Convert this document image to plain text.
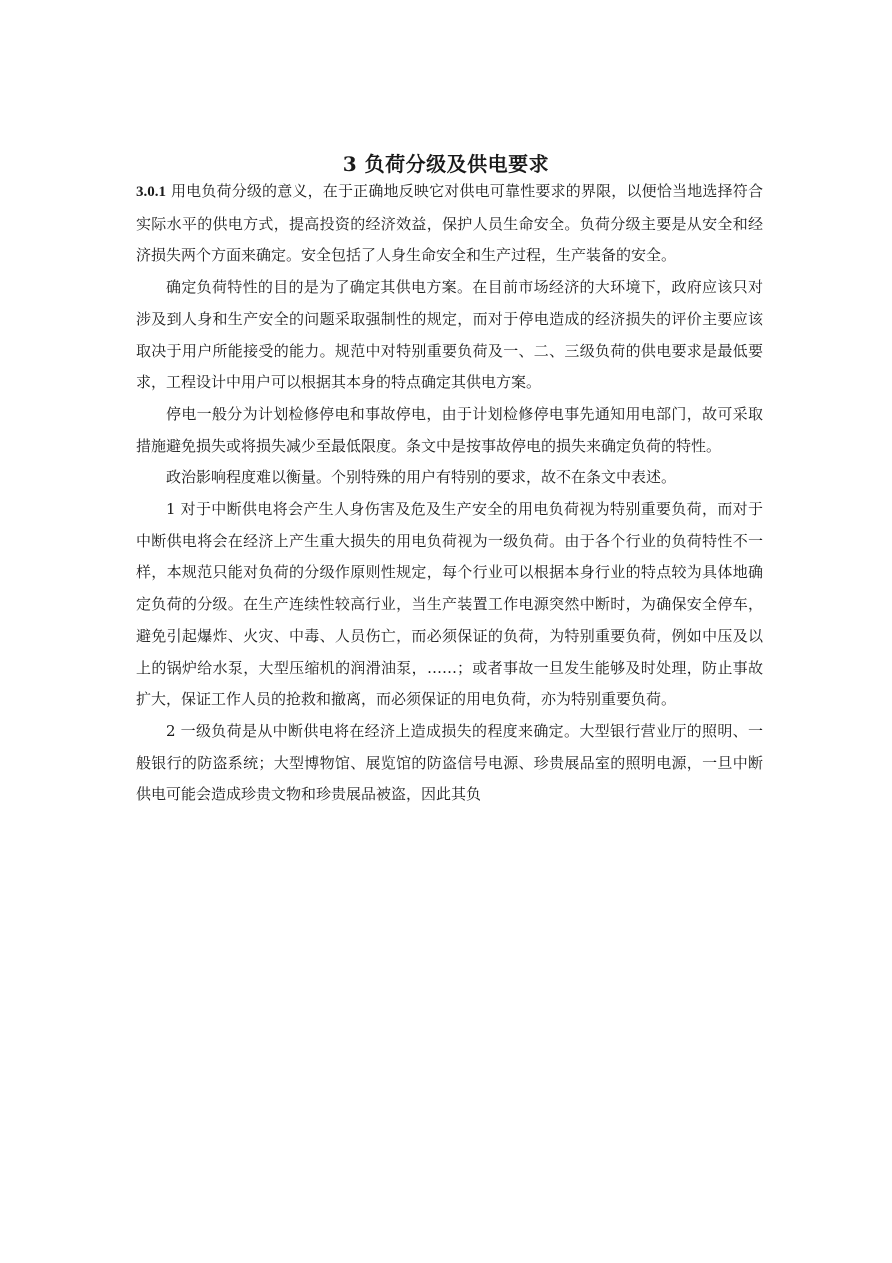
3 负荷分级及供电要求

3.0.1 用电负荷分级的意义，在于正确地反映它对供电可靠性要求的界限，以便恰当地选择符合实际水平的供电方式，提高投资的经济效益，保护人员生命安全。负荷分级主要是从安全和经济损失两个方面来确定。安全包括了人身生命安全和生产过程，生产装备的安全。

确定负荷特性的目的是为了确定其供电方案。在目前市场经济的大环境下，政府应该只对涉及到人身和生产安全的问题采取强制性的规定，而对于停电造成的经济损失的评价主要应该取决于用户所能接受的能力。规范中对特别重要负荷及一、二、三级负荷的供电要求是最低要求，工程设计中用户可以根据其本身的特点确定其供电方案。

停电一般分为计划检修停电和事故停电，由于计划检修停电事先通知用电部门，故可采取措施避免损失或将损失减少至最低限度。条文中是按事故停电的损失来确定负荷的特性。

政治影响程度难以衡量。个别特殊的用户有特别的要求，故不在条文中表述。

1 对于中断供电将会产生人身伤害及危及生产安全的用电负荷视为特别重要负荷，而对于中断供电将会在经济上产生重大损失的用电负荷视为一级负荷。由于各个行业的负荷特性不一样，本规范只能对负荷的分级作原则性规定，每个行业可以根据本身行业的特点较为具体地确定负荷的分级。在生产连续性较高行业，当生产装置工作电源突然中断时，为确保安全停车，避免引起爆炸、火灾、中毒、人员伤亡，而必须保证的负荷，为特别重要负荷，例如中压及以上的锅炉给水泵，大型压缩机的润滑油泵，……；或者事故一旦发生能够及时处理，防止事故扩大，保证工作人员的抢救和撤离，而必须保证的用电负荷，亦为特别重要负荷。

2 一级负荷是从中断供电将在经济上造成损失的程度来确定。大型银行营业厅的照明、一般银行的防盗系统；大型博物馆、展览馆的防盗信号电源、珍贵展品室的照明电源，一旦中断供电可能会造成珍贵文物和珍贵展品被盗，因此其负
